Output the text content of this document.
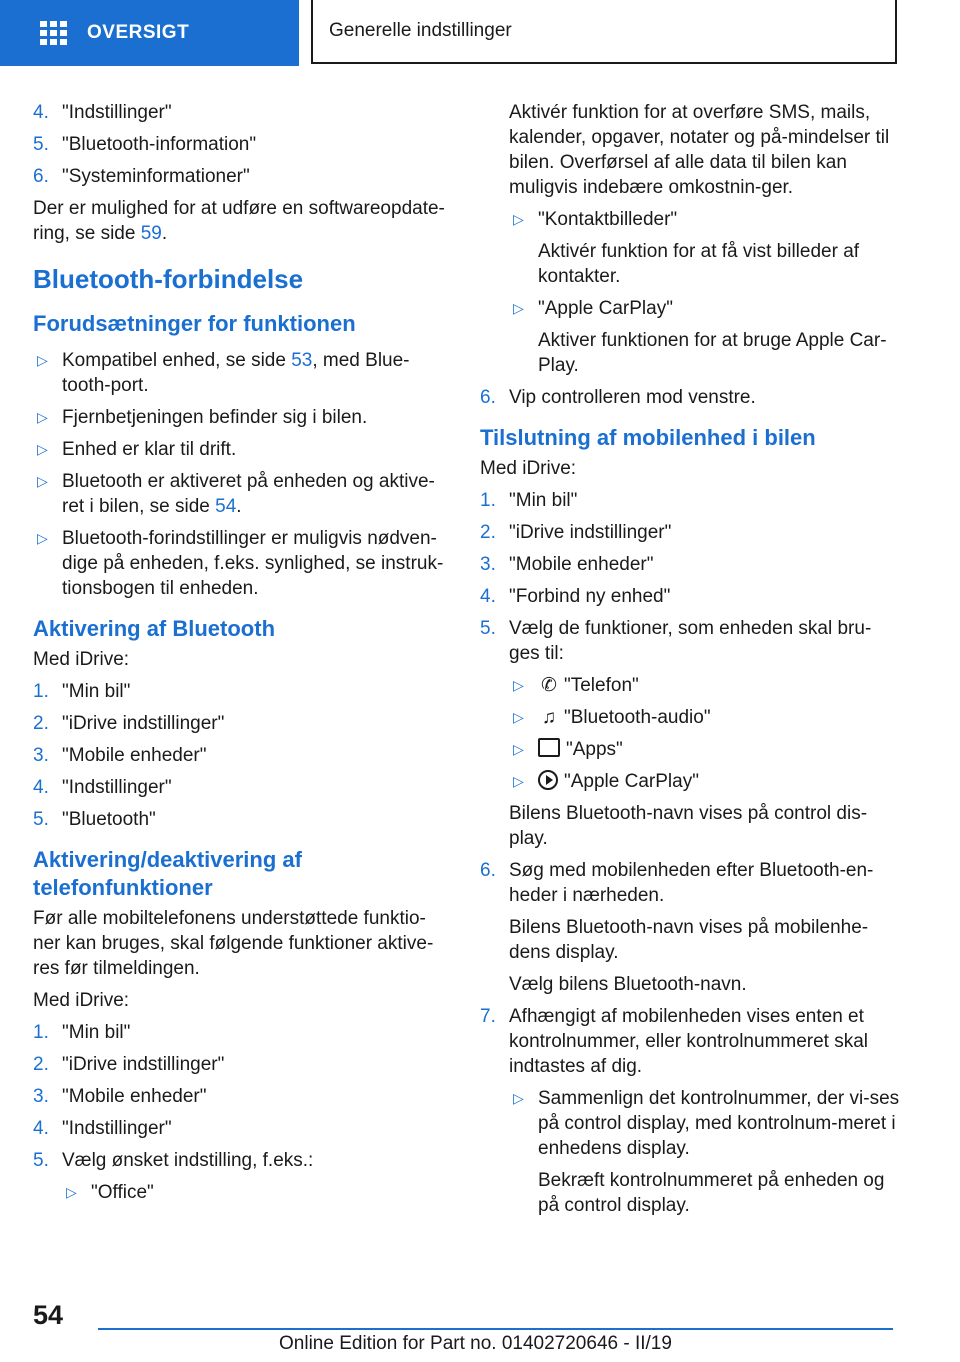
OVERSIGT	Generelle indstillinger
4. "Indstillinger"
5. "Bluetooth-information"
6. "Systeminformationer"
Der er mulighed for at udføre en softwareopdate-ring, se side 59.
Bluetooth-forbindelse
Forudsætninger for funktionen
▷ Kompatibel enhed, se side 53, med Blue-tooth-port.
▷ Fjernbetjeningen befinder sig i bilen.
▷ Enhed er klar til drift.
▷ Bluetooth er aktiveret på enheden og aktive-ret i bilen, se side 54.
▷ Bluetooth-forindstillinger er muligvis nødven-dige på enheden, f.eks. synlighed, se instruk-tionsbogen til enheden.
Aktivering af Bluetooth
Med iDrive:
1. "Min bil"
2. "iDrive indstillinger"
3. "Mobile enheder"
4. "Indstillinger"
5. "Bluetooth"
Aktivering/deaktivering af telefonfunktioner
Før alle mobiltelefonens understøttede funktio-ner kan bruges, skal følgende funktioner aktive-res før tilmeldingen.
Med iDrive:
1. "Min bil"
2. "iDrive indstillinger"
3. "Mobile enheder"
4. "Indstillinger"
5. Vælg ønsket indstilling, f.eks.:
▷ "Office"
Aktivér funktion for at overføre SMS, mails, kalender, opgaver, notater og på-mindelser til bilen. Overførsel af alle data til bilen kan muligvis indebære omkostnin-ger.
▷ "Kontaktbilleder"
Aktivér funktion for at få vist billeder af kontakter.
▷ "Apple CarPlay"
Aktiver funktionen for at bruge Apple Car-Play.
6. Vip controlleren mod venstre.
Tilslutning af mobilenhed i bilen
Med iDrive:
1. "Min bil"
2. "iDrive indstillinger"
3. "Mobile enheder"
4. "Forbind ny enhed"
5. Vælg de funktioner, som enheden skal bru-ges til:
▷ ✆ "Telefon"
▷ ♫ "Bluetooth-audio"
▷ "Apps"
▷ "Apple CarPlay"
Bilens Bluetooth-navn vises på control dis-play.
6. Søg med mobilenheden efter Bluetooth-en-heder i nærheden.
Bilens Bluetooth-navn vises på mobilenhe-dens display.
Vælg bilens Bluetooth-navn.
7. Afhængigt af mobilenheden vises enten et kontrolnummer, eller kontrolnummeret skal indtastes af dig.
▷ Sammenlign det kontrolnummer, der vi-ses på control display, med kontrolnum-meret i enhedens display.
Bekræft kontrolnummeret på enheden og på control display.
54
Online Edition for Part no. 01402720646 - II/19
